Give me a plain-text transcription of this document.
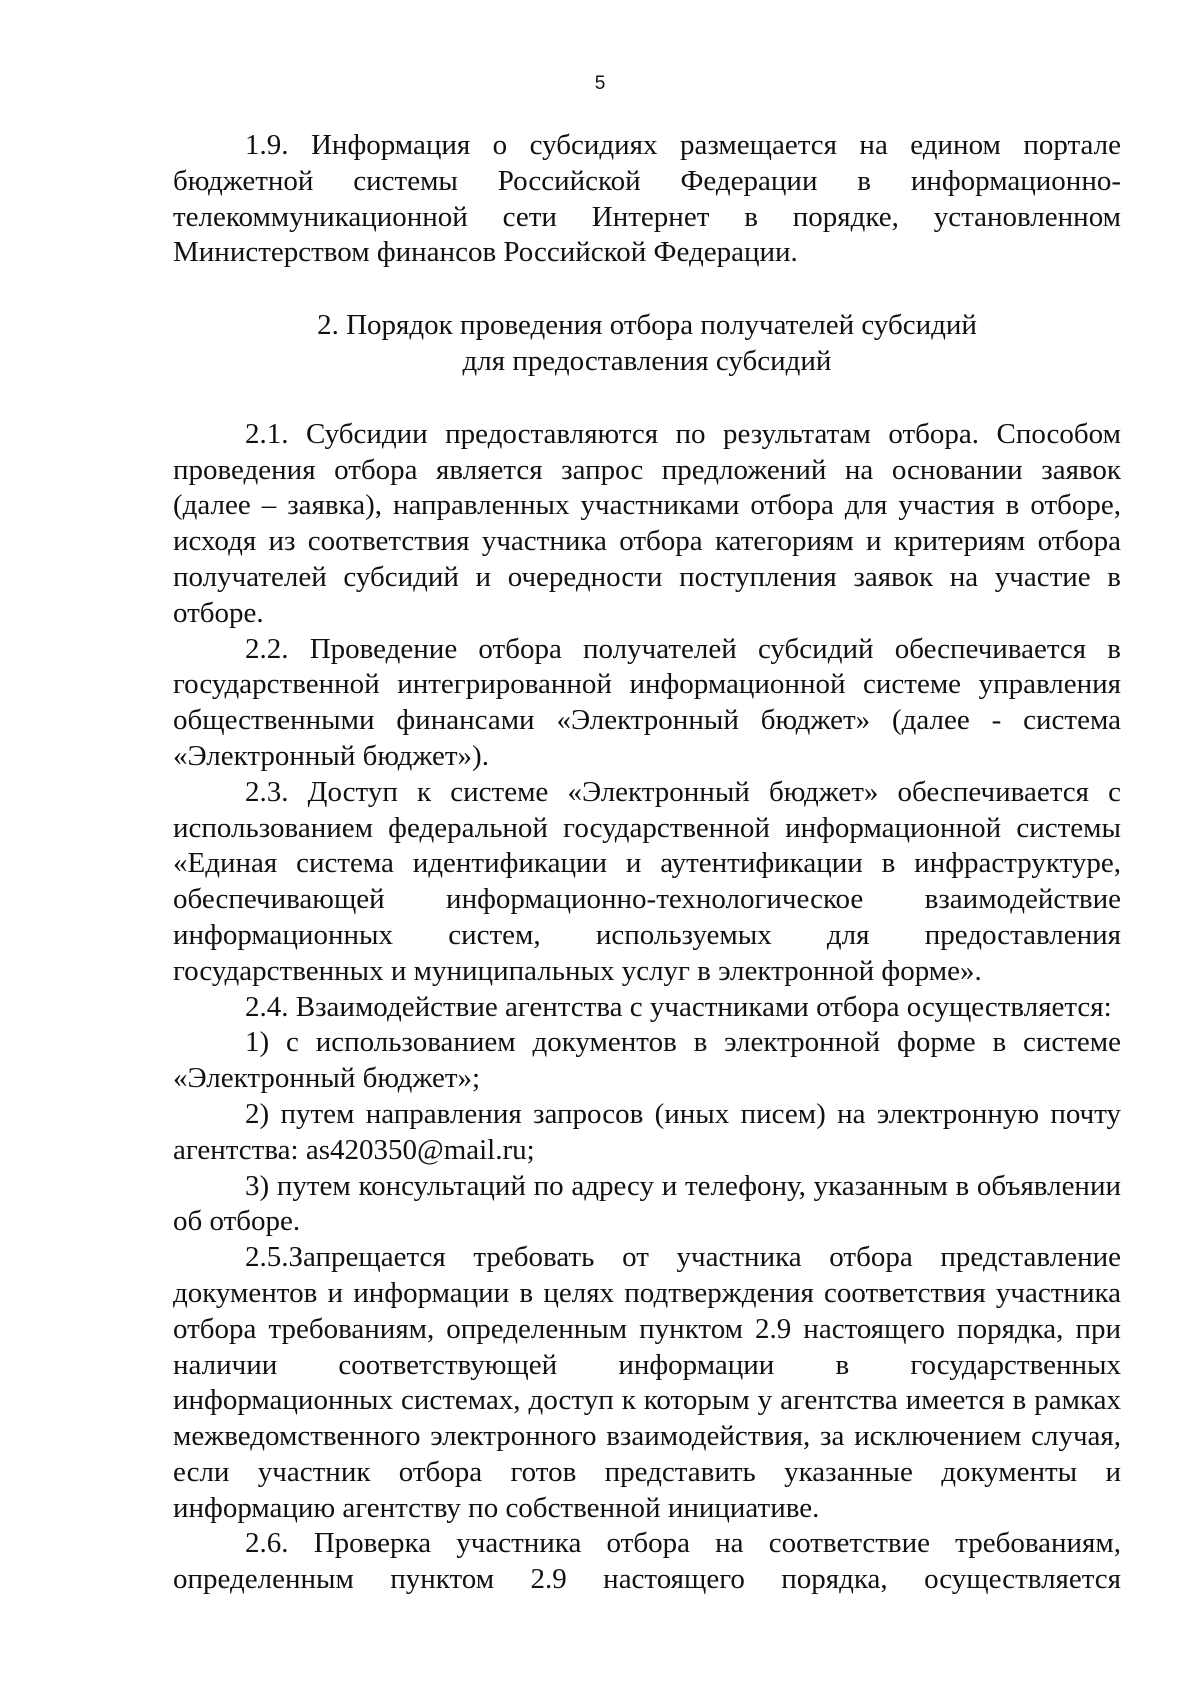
5

1.9. Информация о субсидиях размещается на едином портале бюджетной системы Российской Федерации в информационно-телекоммуникационной сети Интернет в порядке, установленном Министерством финансов Российской Федерации.

2. Порядок проведения отбора получателей субсидий
для предоставления субсидий

2.1. Субсидии предоставляются по результатам отбора. Способом проведения отбора является запрос предложений на основании заявок (далее – заявка), направленных участниками отбора для участия в отборе, исходя из соответствия участника отбора категориям и критериям отбора получателей субсидий и очередности поступления заявок на участие в отборе.

2.2. Проведение отбора получателей субсидий обеспечивается в государственной интегрированной информационной системе управления общественными финансами «Электронный бюджет» (далее - система «Электронный бюджет»).

2.3. Доступ к системе «Электронный бюджет» обеспечивается с использованием федеральной государственной информационной системы «Единая система идентификации и аутентификации в инфраструктуре, обеспечивающей информационно-технологическое взаимодействие информационных систем, используемых для предоставления государственных и муниципальных услуг в электронной форме».

2.4. Взаимодействие агентства с участниками отбора осуществляется:

1) с использованием документов в электронной форме в системе «Электронный бюджет»;

2) путем направления запросов (иных писем) на электронную почту агентства: as420350@mail.ru;

3) путем консультаций по адресу и телефону, указанным в объявлении об отборе.

2.5.Запрещается требовать от участника отбора представление документов и информации в целях подтверждения соответствия участника отбора требованиям, определенным пунктом 2.9 настоящего порядка, при наличии соответствующей информации в государственных информационных системах, доступ к которым у агентства имеется в рамках межведомственного электронного взаимодействия, за исключением случая, если участник отбора готов представить указанные документы и информацию агентству по собственной инициативе.

2.6. Проверка участника отбора на соответствие требованиям, определенным пунктом 2.9 настоящего порядка, осуществляется
